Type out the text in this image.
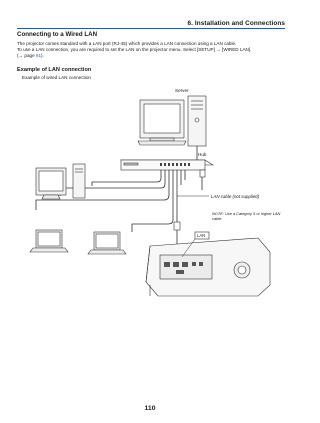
6. Installation and Connections
Connecting to a Wired LAN
The projector comes standard with a LAN port (RJ-45) which provides a LAN connection using a LAN cable.
To use a LAN connection, you are required to set the LAN on the projector menu. Select [SETUP] → [WIRED LAN].
(→ page 91).
Example of LAN connection
Example of wired LAN connection
Server
Hub
LAN cable (not supplied)
NOTE: Use a Category 5 or higher LAN cable.
LAN
110
